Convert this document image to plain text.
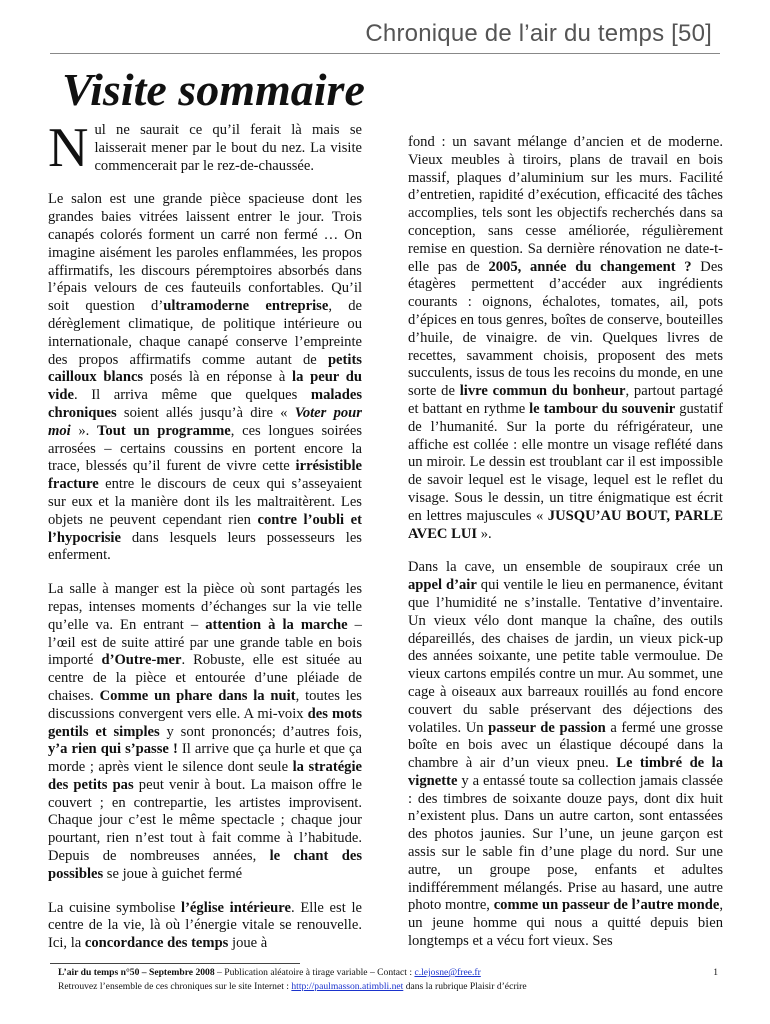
Chronique de l’air du temps [50]
Visite sommaire

Nul ne saurait ce qu’il ferait là mais se laisserait mener par le bout du nez. La visite commencerait par le rez-de-chaussée.

Le salon est une grande pièce spacieuse dont les grandes baies vitrées laissent entrer le jour. Trois canapés colorés forment un carré non fermé … On imagine aisément les paroles enflammées, les propos affirmatifs, les discours péremptoires absorbés dans l’épais velours de ces fauteuils confortables. Qu’il soit question d’ultramoderne entreprise, de dérèglement climatique, de politique intérieure ou internationale, chaque canapé conserve l’empreinte des propos affirmatifs comme autant de petits cailloux blancs posés là en réponse à la peur du vide. Il arriva même que quelques malades chroniques soient allés jusqu’à dire « Voter pour moi ». Tout un programme, ces longues soirées arrosées – certains coussins en portent encore la trace, blessés qu’il furent de vivre cette irrésistible fracture entre le discours de ceux qui s’asseyaient sur eux et la manière dont ils les maltraitèrent. Les objets ne peuvent cependant rien contre l’oubli et l’hypocrisie dans lesquels leurs possesseurs les enferment.

La salle à manger est la pièce où sont partagés les repas, intenses moments d’échanges sur la vie telle qu’elle va. En entrant – attention à la marche – l’œil est de suite attiré par une grande table en bois importé d’Outre-mer. Robuste, elle est située au centre de la pièce et entourée d’une pléiade de chaises. Comme un phare dans la nuit, toutes les discussions convergent vers elle. A mi-voix des mots gentils et simples y sont prononcés; d’autres fois, y’a rien qui s’passe ! Il arrive que ça hurle et que ça morde ; après vient le silence dont seule la stratégie des petits pas peut venir à bout. La maison offre le couvert ; en contrepartie, les artistes improvisent. Chaque jour c’est le même spectacle ; chaque jour pourtant, rien n’est tout à fait comme à l’habitude. Depuis de nombreuses années, le chant des possibles se joue à guichet fermé

La cuisine symbolise l’église intérieure. Elle est le centre de la vie, là où l’énergie vitale se renouvelle. Ici, la concordance des temps joue à

fond : un savant mélange d’ancien et de moderne. Vieux meubles à tiroirs, plans de travail en bois massif, plaques d’aluminium sur les murs. Facilité d’entretien, rapidité d’exécution, efficacité des tâches accomplies, tels sont les objectifs recherchés dans sa conception, sans cesse améliorée, régulièrement remise en question. Sa dernière rénovation ne date-t-elle pas de 2005, année du changement ? Des étagères permettent d’accéder aux ingrédients courants : oignons, échalotes, tomates, ail, pots d’épices en tous genres, boîtes de conserve, bouteilles d’huile, de vinaigre. de vin. Quelques livres de recettes, savamment choisis, proposent des mets succulents, issus de tous les recoins du monde, en une sorte de livre commun du bonheur, partout partagé et battant en rythme le tambour du souvenir gustatif de l’humanité. Sur la porte du réfrigérateur, une affiche est collée : elle montre un visage reflété dans un miroir. Le dessin est troublant car il est impossible de savoir lequel est le visage, lequel est le reflet du visage. Sous le dessin, un titre énigmatique est écrit en lettres majuscules « JUSQU’AU BOUT, PARLE AVEC LUI ».

Dans la cave, un ensemble de soupiraux crée un appel d’air qui ventile le lieu en permanence, évitant que l’humidité ne s’installe. Tentative d’inventaire. Un vieux vélo dont manque la chaîne, des outils dépareillés, des chaises de jardin, un vieux pick-up des années soixante, une petite table vermoulue. De vieux cartons empilés contre un mur. Au sommet, une cage à oiseaux aux barreaux rouillés au fond encore couvert du sable préservant des déjections des volatiles. Un passeur de passion a fermé une grosse boîte en bois avec un élastique découpé dans la chambre à air d’un vieux pneu. Le timbré de la vignette y a entassé toute sa collection jamais classée : des timbres de soixante douze pays, dont dix huit n’existent plus. Dans un autre carton, sont entassées des photos jaunies. Sur l’une, un jeune garçon est assis sur le sable fin d’une plage du nord. Sur une autre, un groupe pose, enfants et adultes indifféremment mélangés. Prise au hasard, une autre photo montre, comme un passeur de l’autre monde, un jeune homme qui nous a quitté depuis bien longtemps et a vécu fort vieux. Ses

L’air du temps n°50 – Septembre 2008 – Publication aléatoire à tirage variable – Contact : c.lejosne@free.fr	1
Retrouvez l’ensemble de ces chroniques sur le site Internet : http://paulmasson.atimbli.net dans la rubrique Plaisir d’écrire
